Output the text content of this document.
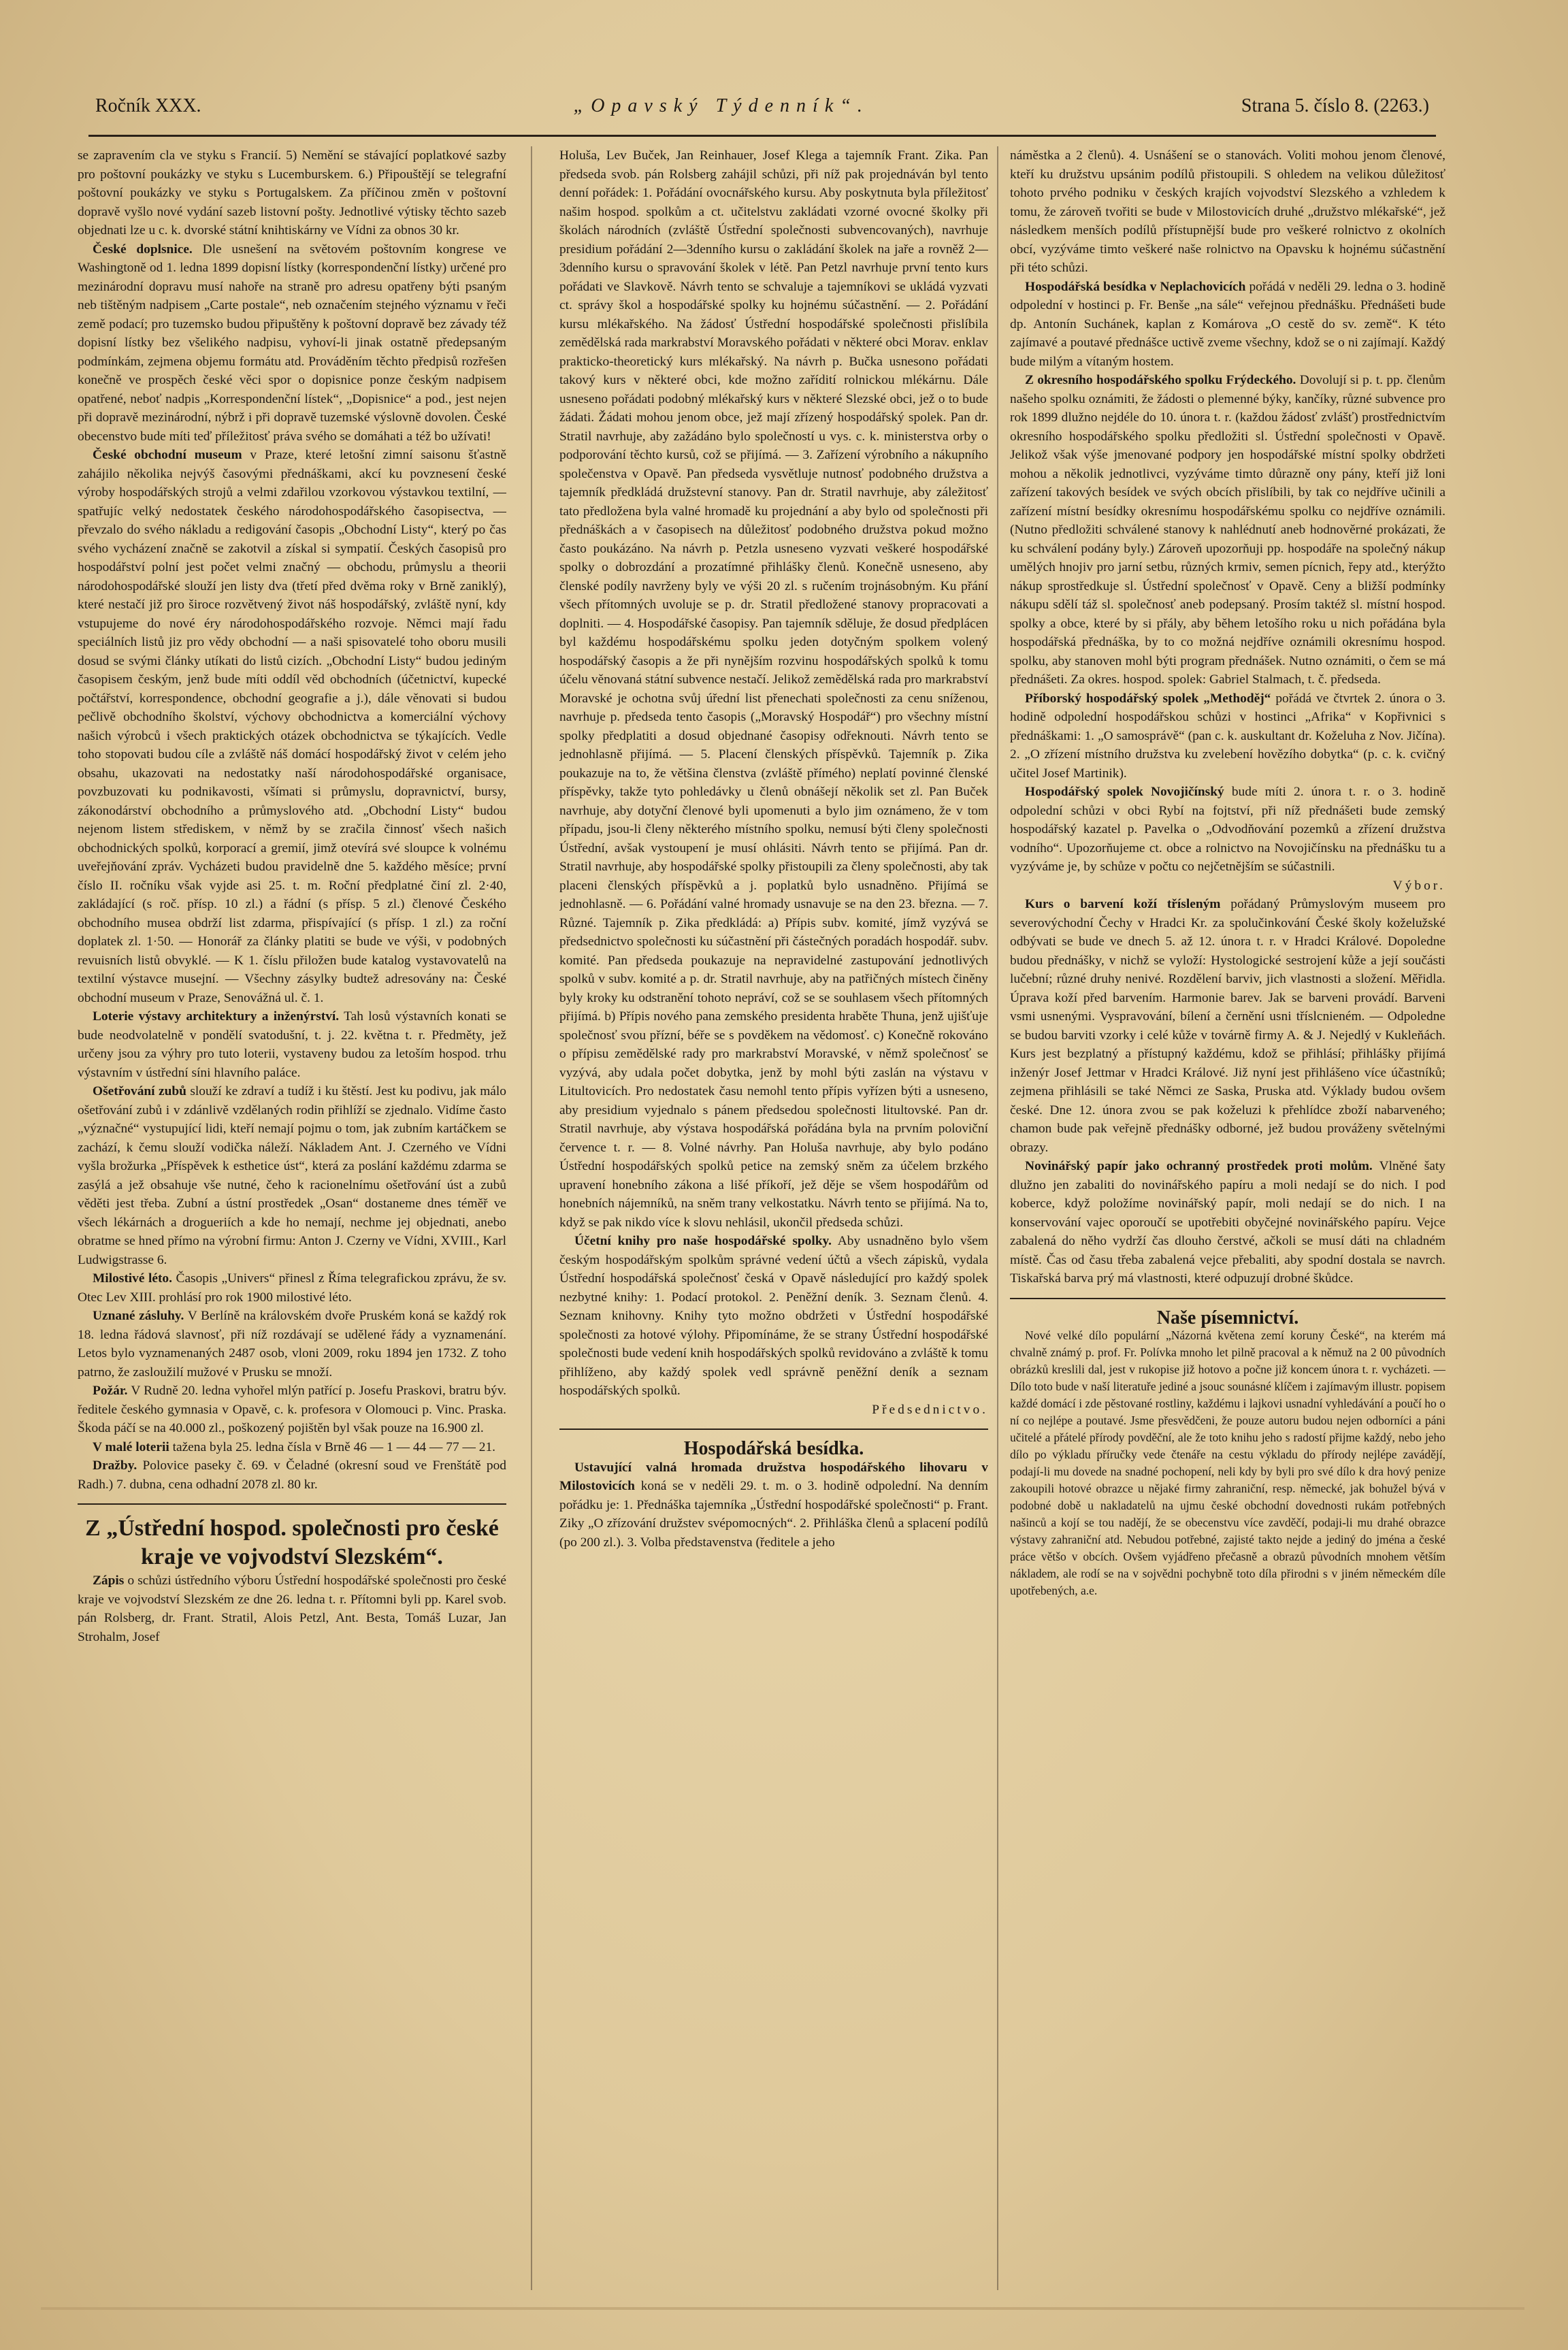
Ročník XXX.	„Opavský Týdenník“.	Strana 5. číslo 8. (2263.)

se zapravením cla ve styku s Francií. 5) Nemění se stávající poplatkové sazby pro poštovní poukázky ve styku s Lucemburskem. 6.) Připouštějí se telegrafní poštovní poukázky ve styku s Portugalskem. Za příčinou změn v poštovní dopravě vyšlo nové vydání sazeb listovní pošty. Jednotlivé výtisky těchto sazeb objednati lze u c. k. dvorské státní knihtiskárny ve Vídni za obnos 30 kr.

České doplsnice. Dle usnešení na světovém poštovním kongrese ve Washingtoně od 1. ledna 1899 dopisní lístky (korrespondenční lístky) určené pro mezinárodní dopravu musí nahoře na straně pro adresu opatřeny býti psaným neb tištěným nadpisem „Carte postale“, neb označením stejného významu v řeči země podací; pro tuzemsko budou připuštěny k poštovní dopravě bez závady též dopisní lístky bez všelikého nadpisu, vyhoví-li jinak ostatně předepsaným podmínkám, zejmena objemu formátu atd. Prováděním těchto předpisů rozřešen konečně ve prospěch české věci spor o dopisnice ponze českým nadpisem opatřené, neboť nadpis „Korrespondenční lístek“, „Dopisnice“ a pod., jest nejen při dopravě mezinárodní, nýbrž i při dopravě tuzemské výslovně dovolen. České obecenstvo bude míti teď příležitosť práva svého se domáhati a též bo užívati!

České obchodní museum v Praze, které letošní zimní saisonu šťastně zahájilo několika nejvýš časovými přednáškami, akcí ku povznesení české výroby hospodářských strojů a velmi zdařilou vzorkovou výstavkou textilní, — spatřujíc velký nedostatek českého národohospodářského časopisectva, — převzalo do svého nákladu a redigování časopis „Obchodní Listy“, který po čas svého vycházení značně se zakotvil a získal si sympatií. Českých časopisů pro hospodářství polní jest počet velmi značný — obchodu, průmyslu a theorii národohospodářské slouží jen listy dva (třetí před dvěma roky v Brně zaniklý), které nestačí již pro široce rozvětvený život náš hospodářský, zvláště nyní, kdy vstupujeme do nové éry národohospodářského rozvoje. Němci mají řadu speciálních listů jiz pro vědy obchodní — a naši spisovatelé toho oboru musili dosud se svými články utíkati do listů cizích. „Obchodní Listy“ budou jediným časopisem českým, jenž bude míti oddíl věd obchodních (účetnictví, kupecké počtářství, korrespondence, obchodní geografie a j.), dále věnovati si budou pečlivě obchodního školství, výchovy obchodnictva a komerciální výchovy našich výrobců i všech praktických otázek obchodnictva se týkajících. Vedle toho stopovati budou cíle a zvláště náš domácí hospodářský život v celém jeho obsahu, ukazovati na nedostatky naší národohospodářské organisace, povzbuzovati ku podnikavosti, všímati si průmyslu, dopravnictví, bursy, zákonodárství obchodního a průmyslového atd. „Obchodní Listy“ budou nejenom listem střediskem, v němž by se zračila činnosť všech našich obchodnických spolků, korporací a gremií, jimž otevírá své sloupce k volnému uveřejňování zpráv. Vycházeti budou pravidelně dne 5. každého měsíce; první číslo II. ročníku však vyjde asi 25. t. m. Roční předplatné činí zl. 2·40, zakládající (s roč. přísp. 10 zl.) a řádní (s přísp. 5 zl.) členové Českého obchodního musea obdrží list zdarma, přispívající (s přísp. 1 zl.) za roční doplatek zl. 1·50. — Honorář za články platiti se bude ve výši, v podobných revuisních listů obvyklé. — K 1. číslu přiložen bude katalog vystavovatelů na textilní výstavce musejní. — Všechny zásylky budtež adresovány na: České obchodní museum v Praze, Senovážná ul. č. 1.

Loterie výstavy architektury a inženýrství. Tah losů výstavních konati se bude neodvolatelně v pondělí svatodušní, t. j. 22. května t. r. Předměty, jež určeny jsou za výhry pro tuto loterii, vystaveny budou za letoším hospod. trhu výstavním v ústřední síni hlavního paláce.

Ošetřování zubů slouží ke zdraví a tudíž i ku štěstí. Jest ku podivu, jak málo ošetřování zubů i v zdánlivě vzdělaných rodin přihlíží se zjednalo. Vidíme často „význačné“ vystupující lidi, kteří nemají pojmu o tom, jak zubním kartáčkem se zachází, k čemu slouží vodička náleží. Nákladem Ant. J. Czerného ve Vídni vyšla brožurka „Příspěvek k esthetice úst“, která za poslání každému zdarma se zasýlá a jež obsahuje vše nutné, čeho k racionelnímu ošetřování úst a zubů věděti jest třeba. Zubní a ústní prostředek „Osan“ dostaneme dnes téměř ve všech lékárnách a drogueriích a kde ho nemají, nechme jej objednati, anebo obratme se hned přímo na výrobní firmu: Anton J. Czerny ve Vídni, XVIII., Karl Ludwigstrasse 6.

Milostivé léto. Časopis „Univers“ přinesl z Říma telegrafickou zprávu, že sv. Otec Lev XIII. prohlásí pro rok 1900 milostivé léto.

Uznané zásluhy. V Berlíně na královském dvoře Pruském koná se každý rok 18. ledna řádová slavnosť, při níž rozdávají se udělené řády a vyznamenání. Letos bylo vyznamenaných 2487 osob, vloni 2009, roku 1894 jen 1732. Z toho patrno, že zasloužilí mužové v Prusku se množí.

Požár. V Rudně 20. ledna vyhořel mlýn patřící p. Josefu Praskovi, bratru býv. ředitele českého gymnasia v Opavě, c. k. profesora v Olomouci p. Vinc. Praska. Škoda páčí se na 40.000 zl., poškozený pojištěn byl však pouze na 16.900 zl.

V malé loterii tažena byla 25. ledna čísla v Brně 46 — 1 — 44 — 77 — 21.

Dražby. Polovice paseky č. 69. v Čeladné (okresní soud ve Frenštátě pod Radh.) 7. dubna, cena odhadní 2078 zl. 80 kr.

Z „Ústřední hospod. společnosti pro české kraje ve vojvodství Slezském“.

Zápis o schůzi ústředního výboru Ústřední hospodářské společnosti pro české kraje ve vojvodství Slezském ze dne 26. ledna t. r. Přítomni byli pp. Karel svob. pán Rolsberg, dr. Frant. Stratil, Alois Petzl, Ant. Besta, Tomáš Luzar, Jan Strohalm, Josef

Holuša, Lev Buček, Jan Reinhauer, Josef Klega a tajemník Frant. Zika. Pan předseda svob. pán Rolsberg zahájil schůzi, při níž pak projednáván byl tento denní pořádek: 1. Pořádání ovocnářského kursu. Aby poskytnuta byla příležitosť našim hospod. spolkům a ct. učitelstvu zakládati vzorné ovocné školky při školách národních (zvláště Ústřední společnosti subvencovaných), navrhuje presidium pořádání 2—3denního kursu o zakládání školek na jaře a rovněž 2—3denního kursu o spravování školek v létě. Pan Petzl navrhuje první tento kurs pořádati ve Slavkově. Návrh tento se schvaluje a tajemníkovi se ukládá vyzvati ct. správy škol a hospodářské spolky ku hojnému súčastnění. — 2. Pořádání kursu mlékařského. Na žádosť Ústřední hospodářské společnosti přislíbila zemědělská rada markrabství Moravského pořádati v některé obci Morav. enklav prakticko-theoretický kurs mlékařský. Na návrh p. Bučka usnesono pořádati takový kurs v některé obci, kde možno zařídití rolnickou mlékárnu. Dále usneseno pořádati podobný mlékařský kurs v některé Slezské obci, jež o to bude žádati. Žádati mohou jenom obce, jež mají zřízený hospodářský spolek. Pan dr. Stratil navrhuje, aby zažádáno bylo společností u vys. c. k. ministerstva orby o podporování těchto kursů, což se přijímá. — 3. Zařízení výrobního a nákupního společenstva v Opavě. Pan předseda vysvětluje nutnosť podobného družstva a tajemník předkládá družstevní stanovy. Pan dr. Stratil navrhuje, aby záležitosť tato předložena byla valné hromadě ku projednání a aby bylo od společnosti při přednáškách a v časopisech na důležitosť podobného družstva pokud možno často poukázáno. Na návrh p. Petzla usneseno vyzvati veškeré hospodářské spolky o dobrozdání a prozatímné přihlášky členů. Konečně usneseno, aby členské podíly navrženy byly ve výši 20 zl. s ručením trojnásobným. Ku přání všech přítomných uvoluje se p. dr. Stratil předložené stanovy propracovati a doplniti. — 4. Hospodářské časopisy. Pan tajemník sděluje, že dosud předplácen byl každému hospodářskému spolku jeden dotyčným spolkem volený hospodářský časopis a že při nynějším rozvinu hospodářských spolků k tomu účelu věnovaná státní subvence nestačí. Jelikož zemědělská rada pro markrabství Moravské je ochotna svůj úřední list přenechati společnosti za cenu sníženou, navrhuje p. předseda tento časopis („Moravský Hospodář“) pro všechny místní spolky předplatiti a dosud objednané časopisy odřeknouti. Návrh tento se jednohlasně přijímá. — 5. Placení členských příspěvků. Tajemník p. Zika poukazuje na to, že většina členstva (zvláště přímého) neplatí povinné členské příspěvky, takže tyto pohledávky u členů obnášejí několik set zl. Pan Buček navrhuje, aby dotyční členové byli upomenuti a bylo jim oznámeno, že v tom případu, jsou-li členy některého místního spolku, nemusí býti členy společnosti Ústřední, avšak vystoupení je musí ohlásiti. Návrh tento se přijímá. Pan dr. Stratil navrhuje, aby hospodářské spolky přistoupili za členy společnosti, aby tak placeni členských příspěvků a j. poplatků bylo usnadněno. Přijímá se jednohlasně. — 6. Pořádání valné hromady usnavuje se na den 23. března. — 7. Různé. Tajemník p. Zika předkládá: a) Přípis subv. komité, jímž vyzývá se předsednictvo společnosti ku súčastnění při částečných poradách hospodář. subv. komité. Pan předseda poukazuje na nepravidelné zastupování jednotlivých spolků v subv. komité a p. dr. Stratil navrhuje, aby na patřičných místech činěny byly kroky ku odstranění tohoto nepráví, což se se souhlasem všech přítomných přijímá. b) Přípis nového pana zemského presidenta hraběte Thuna, jenž ujišťuje společnosť svou přízní, béře se s povděkem na vědomosť. c) Konečně rokováno o přípisu zemědělské rady pro markrabství Moravské, v němž společnosť se vyzývá, aby udala počet dobytka, jenž by mohl býti zaslán na výstavu v Litultovicích. Pro nedostatek času nemohl tento přípis vyřízen býti a usneseno, aby presidium vyjednalo s pánem předsedou společnosti litultovské. Pan dr. Stratil navrhuje, aby výstava hospodářská pořádána byla na prvním poloviční července t. r. — 8. Volné návrhy. Pan Holuša navrhuje, aby bylo podáno Ústřední hospodářských spolků petice na zemský sněm za účelem brzkého upravení honebního zákona a lišé příkoří, jež děje se všem hospodářům od honebních nájemníků, na sněm trany velkostatku. Návrh tento se přijímá. Na to, když se pak nikdo více k slovu nehlásil, ukončil předseda schůzi.

Účetní knihy pro naše hospodářské spolky. Aby usnadněno bylo všem českým hospodářským spolkům správné vedení účtů a všech zápisků, vydala Ústřední hospodářská společnosť česká v Opavě následující pro každý spolek nezbytné knihy: 1. Podací protokol. 2. Peněžní deník. 3. Seznam členů. 4. Seznam knihovny. Knihy tyto možno obdržeti v Ústřední hospodářské společnosti za hotové výlohy. Připomínáme, že se strany Ústřední hospodářské společnosti bude vedení knih hospodářských spolků revidováno a zvláště k tomu přihlíženo, aby každý spolek vedl správně peněžní deník a seznam hospodářských spolků.

Předsednictvo.

Hospodářská besídka.

Ustavující valná hromada družstva hospodářského lihovaru v Milostovicích koná se v neděli 29. t. m. o 3. hodině odpolední. Na denním pořádku je: 1. Přednáška tajemníka „Ústřední hospodářské společnosti“ p. Frant. Ziky „O zřízování družstev svépomocných“. 2. Přihláška členů a splacení podílů (po 200 zl.). 3. Volba představenstva (ředitele a jeho

náměstka a 2 členů). 4. Usnášení se o stanovách. Voliti mohou jenom členové, kteří ku družstvu upsánim podílů přistoupili. S ohledem na velikou důležitosť tohoto prvého podniku v českých krajích vojvodství Slezského a vzhledem k tomu, že zároveň tvořiti se bude v Milostovicích druhé „družstvo mlékařské“, jež následkem menších podílů přístupnější bude pro veškeré rolnictvo z okolních obcí, vyzýváme timto veškeré naše rolnictvo na Opavsku k hojnému súčastnění při této schůzi.

Hospodářská besídka v Neplachovicích pořádá v neděli 29. ledna o 3. hodině odpolední v hostinci p. Fr. Benše „na sále“ veřejnou přednášku. Přednášeti bude dp. Antonín Suchánek, kaplan z Komárova „O cestě do sv. země“. K této zajímavé a poutavé přednášce uctivě zveme všechny, kdož se o ni zajímají. Každý bude milým a vítaným hostem.

Z okresního hospodářského spolku Frýdeckého. Dovolují si p. t. pp. členům našeho spolku oznámiti, že žádosti o plemenné býky, kančíky, různé subvence pro rok 1899 dlužno nejdéle do 10. února t. r. (každou žádosť zvlášť) prostřednictvím okresního hospodářského spolku předložiti sl. Ústřední společnosti v Opavě. Jelikož však výše jmenované podpory jen hospodářské místní spolky obdržeti mohou a několik jednotlivci, vyzýváme timto důrazně ony pány, kteří již loni zařízení takových besídek ve svých obcích přislíbili, by tak co nejdříve učinili a zařízení místní besídky okresnímu hospodářskému spolku co nejdříve oznámili. (Nutno předložiti schválené stanovy k nahlédnutí aneb hodnověrné prokázati, že ku schválení podány byly.) Zároveň upozorňuji pp. hospodáře na společný nákup umělých hnojiv pro jarní setbu, různých krmiv, semen pícnich, řepy atd., kterýžto nákup sprostředkuje sl. Ústřední společnosť v Opavě. Ceny a bližší podmínky nákupu sdělí táž sl. společnosť aneb podepsaný. Prosím taktéž sl. místní hospod. spolky a obce, které by si přály, aby během letošího roku u nich pořádána byla hospodářská přednáška, by to co možná nejdříve oznámili okresnímu hospod. spolku, aby stanoven mohl býti program přednášek. Nutno oznámiti, o čem se má přednášeti. Za okres. hospod. spolek: Gabriel Stalmach, t. č. předseda.

Příborský hospodářský spolek „Methoděj“ pořádá ve čtvrtek 2. února o 3. hodině odpolední hospodářskou schůzi v hostinci „Afrika“ v Kopřivnici s přednáškami: 1. „O samosprávě“ (pan c. k. auskultant dr. Koželuha z Nov. Jičína). 2. „O zřízení místního družstva ku zvelebení hovězího dobytka“ (p. c. k. cvičný učitel Josef Martinik).

Hospodářský spolek Novojičínský bude míti 2. února t. r. o 3. hodině odpolední schůzi v obci Rybí na fojtství, při níž přednášeti bude zemský hospodářský kazatel p. Pavelka o „Odvodňování pozemků a zřízení družstva vodního“. Upozorňujeme ct. obce a rolnictvo na Novojičínsku na přednášku tu a vyzýváme je, by schůze v počtu co nejčetnějším se súčastnili.

Výbor.

Kurs o barvení koží třísleným pořádaný Průmyslovým museem pro severovýchodní Čechy v Hradci Kr. za spolučinkování České školy koželužské odbývati se bude ve dnech 5. až 12. února t. r. v Hradci Králové. Dopoledne budou přednášky, v nichž se vyloží: Hystologické sestrojení kůže a její součásti lučební; různé druhy nenivé. Rozdělení barviv, jich vlastnosti a složení. Měřidla. Úprava koží před barvením. Harmonie barev. Jak se barveni provádí. Barveni vsmi usnenými. Vyspravování, bílení a černění usni tříslcnieném. — Odpoledne se budou barviti vzorky i celé kůže v továrně firmy A. & J. Nejedlý v Kukleňách. Kurs jest bezplatný a přístupný každému, kdož se přihlásí; přihlášky přijímá inženýr Josef Jettmar v Hradci Králové. Již nyní jest přihlášeno více účastníků; zejmena přihlásili se také Němci ze Saska, Pruska atd. Výklady budou ovšem české. Dne 12. února zvou se pak koželuzi k přehlídce zboží nabarveného; chamon bude pak veřejně přednášky odborné, jež budou prováženy světelnými obrazy.

Novinářský papír jako ochranný prostředek proti molům. Vlněné šaty dlužno jen zabaliti do novinářského papíru a moli nedají se do nich. I pod koberce, když položíme novinářský papír, moli nedají se do nich. I na konservování vajec oporoučí se upotřebiti obyčejné novinářského papíru. Vejce zabalená do něho vydrží čas dlouho čerstvé, ačkoli se musí dáti na chladném místě. Čas od času třeba zabalená vejce přebaliti, aby spodní dostala se navrch. Tiskařská barva prý má vlastnosti, které odpuzují drobné škůdce.

Naše písemnictví.

Nové velké dílo populární „Názorná květena zemí koruny České“, na kterém má chvalně známý p. prof. Fr. Polívka mnoho let pilně pracoval a k němuž na 2 00 původních obrázků kreslili dal, jest v rukopise již hotovo a počne již koncem února t. r. vycházeti. — Dílo toto bude v naší literatuře jediné a jsouc sounásné klíčem i zajímavým illustr. popisem každé domácí i zde pěstované rostliny, každému i lajkovi usnadní vyhledávání a poučí ho o ní co nejlépe a poutavé. Jsme přesvědčeni, že pouze autoru budou nejen odborníci a páni učitelé a přátelé přírody povděční, ale že toto knihu jeho s radostí přijme každý, nebo jeho dílo po výkladu příručky vede čtenáře na cestu výkladu do přírody nejlépe zavádějí, podají-li mu dovede na snadné pochopení, neli kdy by byli pro své dílo k dra hový penize zakoupili hotové obrazce u nějaké firmy zahraniční, resp. německé, jak bohužel bývá v podobné době u nakladatelů na ujmu české obchodní dovednosti rukám potřebných našinců a kojí se tou nadějí, že se obecenstvu více zavděčí, podaji-li mu drahé obrazce výstavy zahraniční atd. Nebudou potřebné, zajisté takto nejde a jediný do jména a české práce většo v obcích. Ovšem vyjádřeno přečasně a obrazů původních mnohem větším nákladem, ale rodí se na v sojvědni pochybně toto díla přirodni s v jiném německém díle upotřebených, a.e.
